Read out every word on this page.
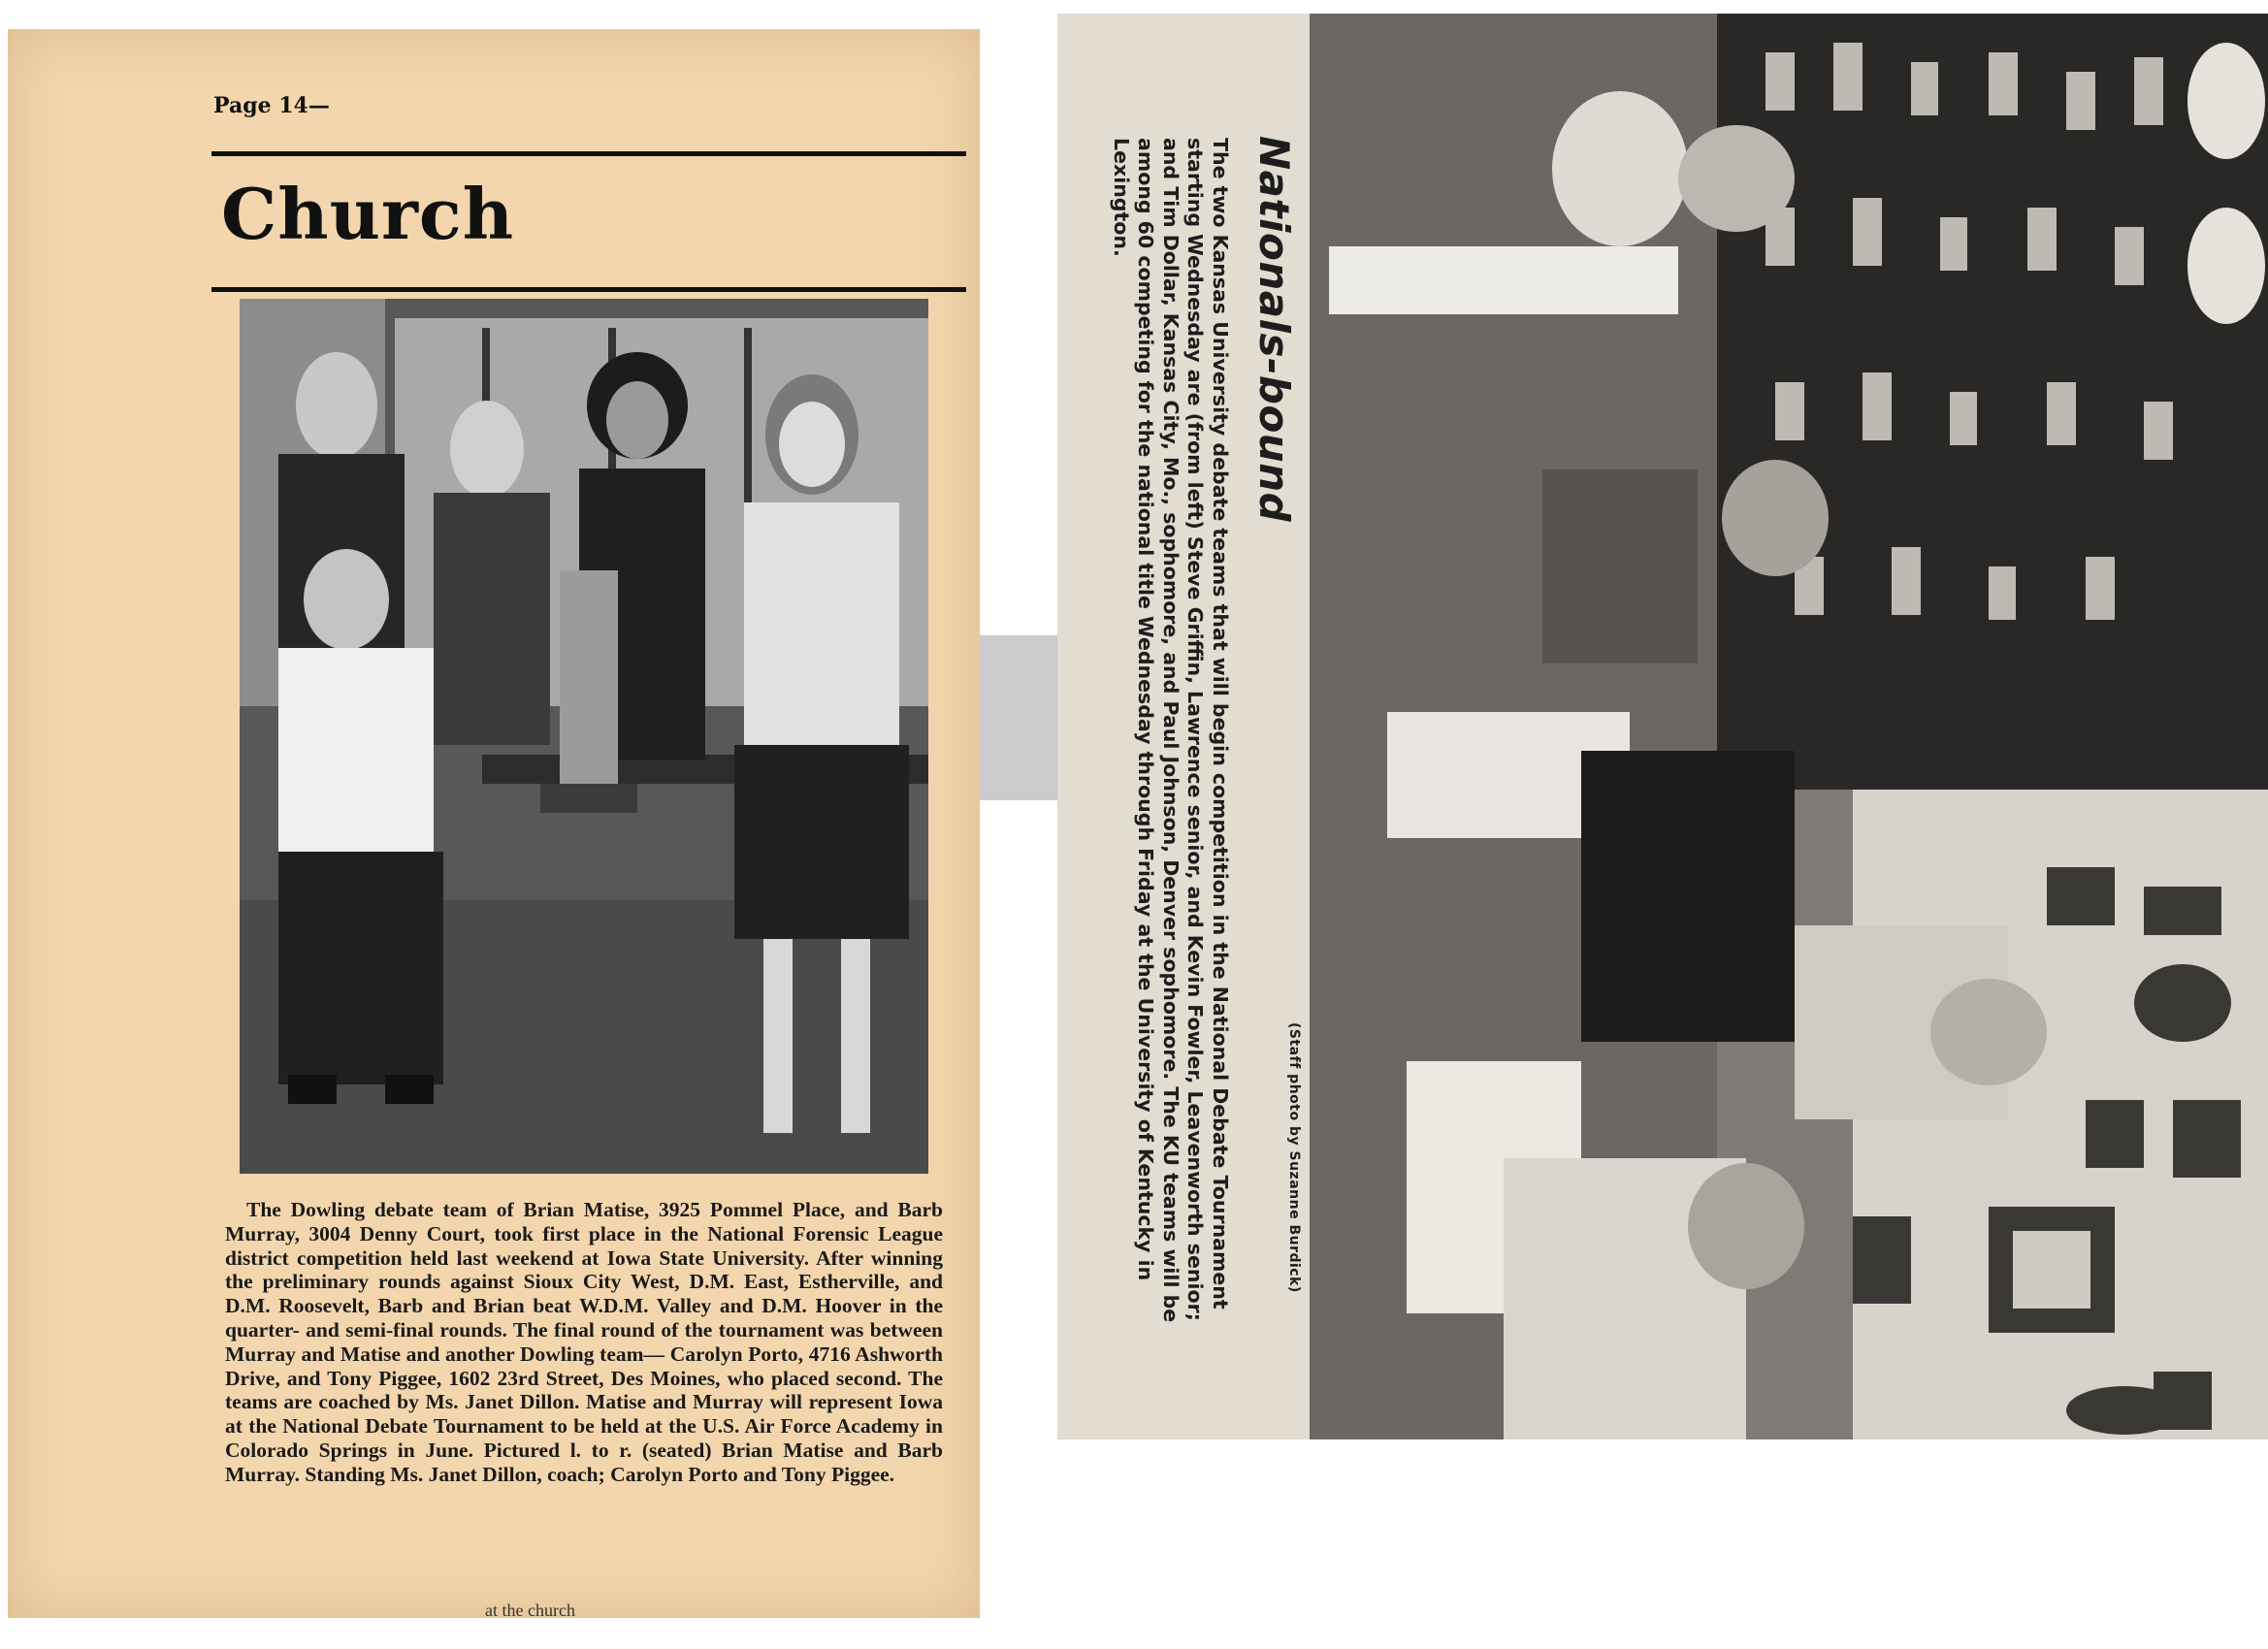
Page 14—
Church
The Dowling debate team of Brian Matise, 3925 Pommel Place, and Barb Murray, 3004 Denny Court, took first place in the National Forensic League district competition held last weekend at Iowa State University. After winning the preliminary rounds against Sioux City West, D.M. East, Estherville, and D.M. Roosevelt, Barb and Brian beat W.D.M. Valley and D.M. Hoover in the quarter- and semi-final rounds. The final round of the tournament was between Murray and Matise and another Dowling team— Carolyn Porto, 4716 Ashworth Drive, and Tony Piggee, 1602 23rd Street, Des Moines, who placed second. The teams are coached by Ms. Janet Dillon. Matise and Murray will represent Iowa at the National Debate Tournament to be held at the U.S. Air Force Academy in Colorado Springs in June. Pictured l. to r. (seated) Brian Matise and Barb Murray. Standing Ms. Janet Dillon, coach; Carolyn Porto and Tony Piggee.
at the church
(Staff photo by Suzanne Burdick)
Nationals-bound
The two Kansas University debate teams that will begin competition in the National Debate Tournament starting Wednesday are (from left) Steve Griffin, Lawrence senior, and Kevin Fowler, Leavenworth senior; and Tim Dollar, Kansas City, Mo., sophomore, and Paul Johnson, Denver sophomore. The KU teams will be among 60 competing for the national title Wednesday through Friday at the University of Kentucky in Lexington.
